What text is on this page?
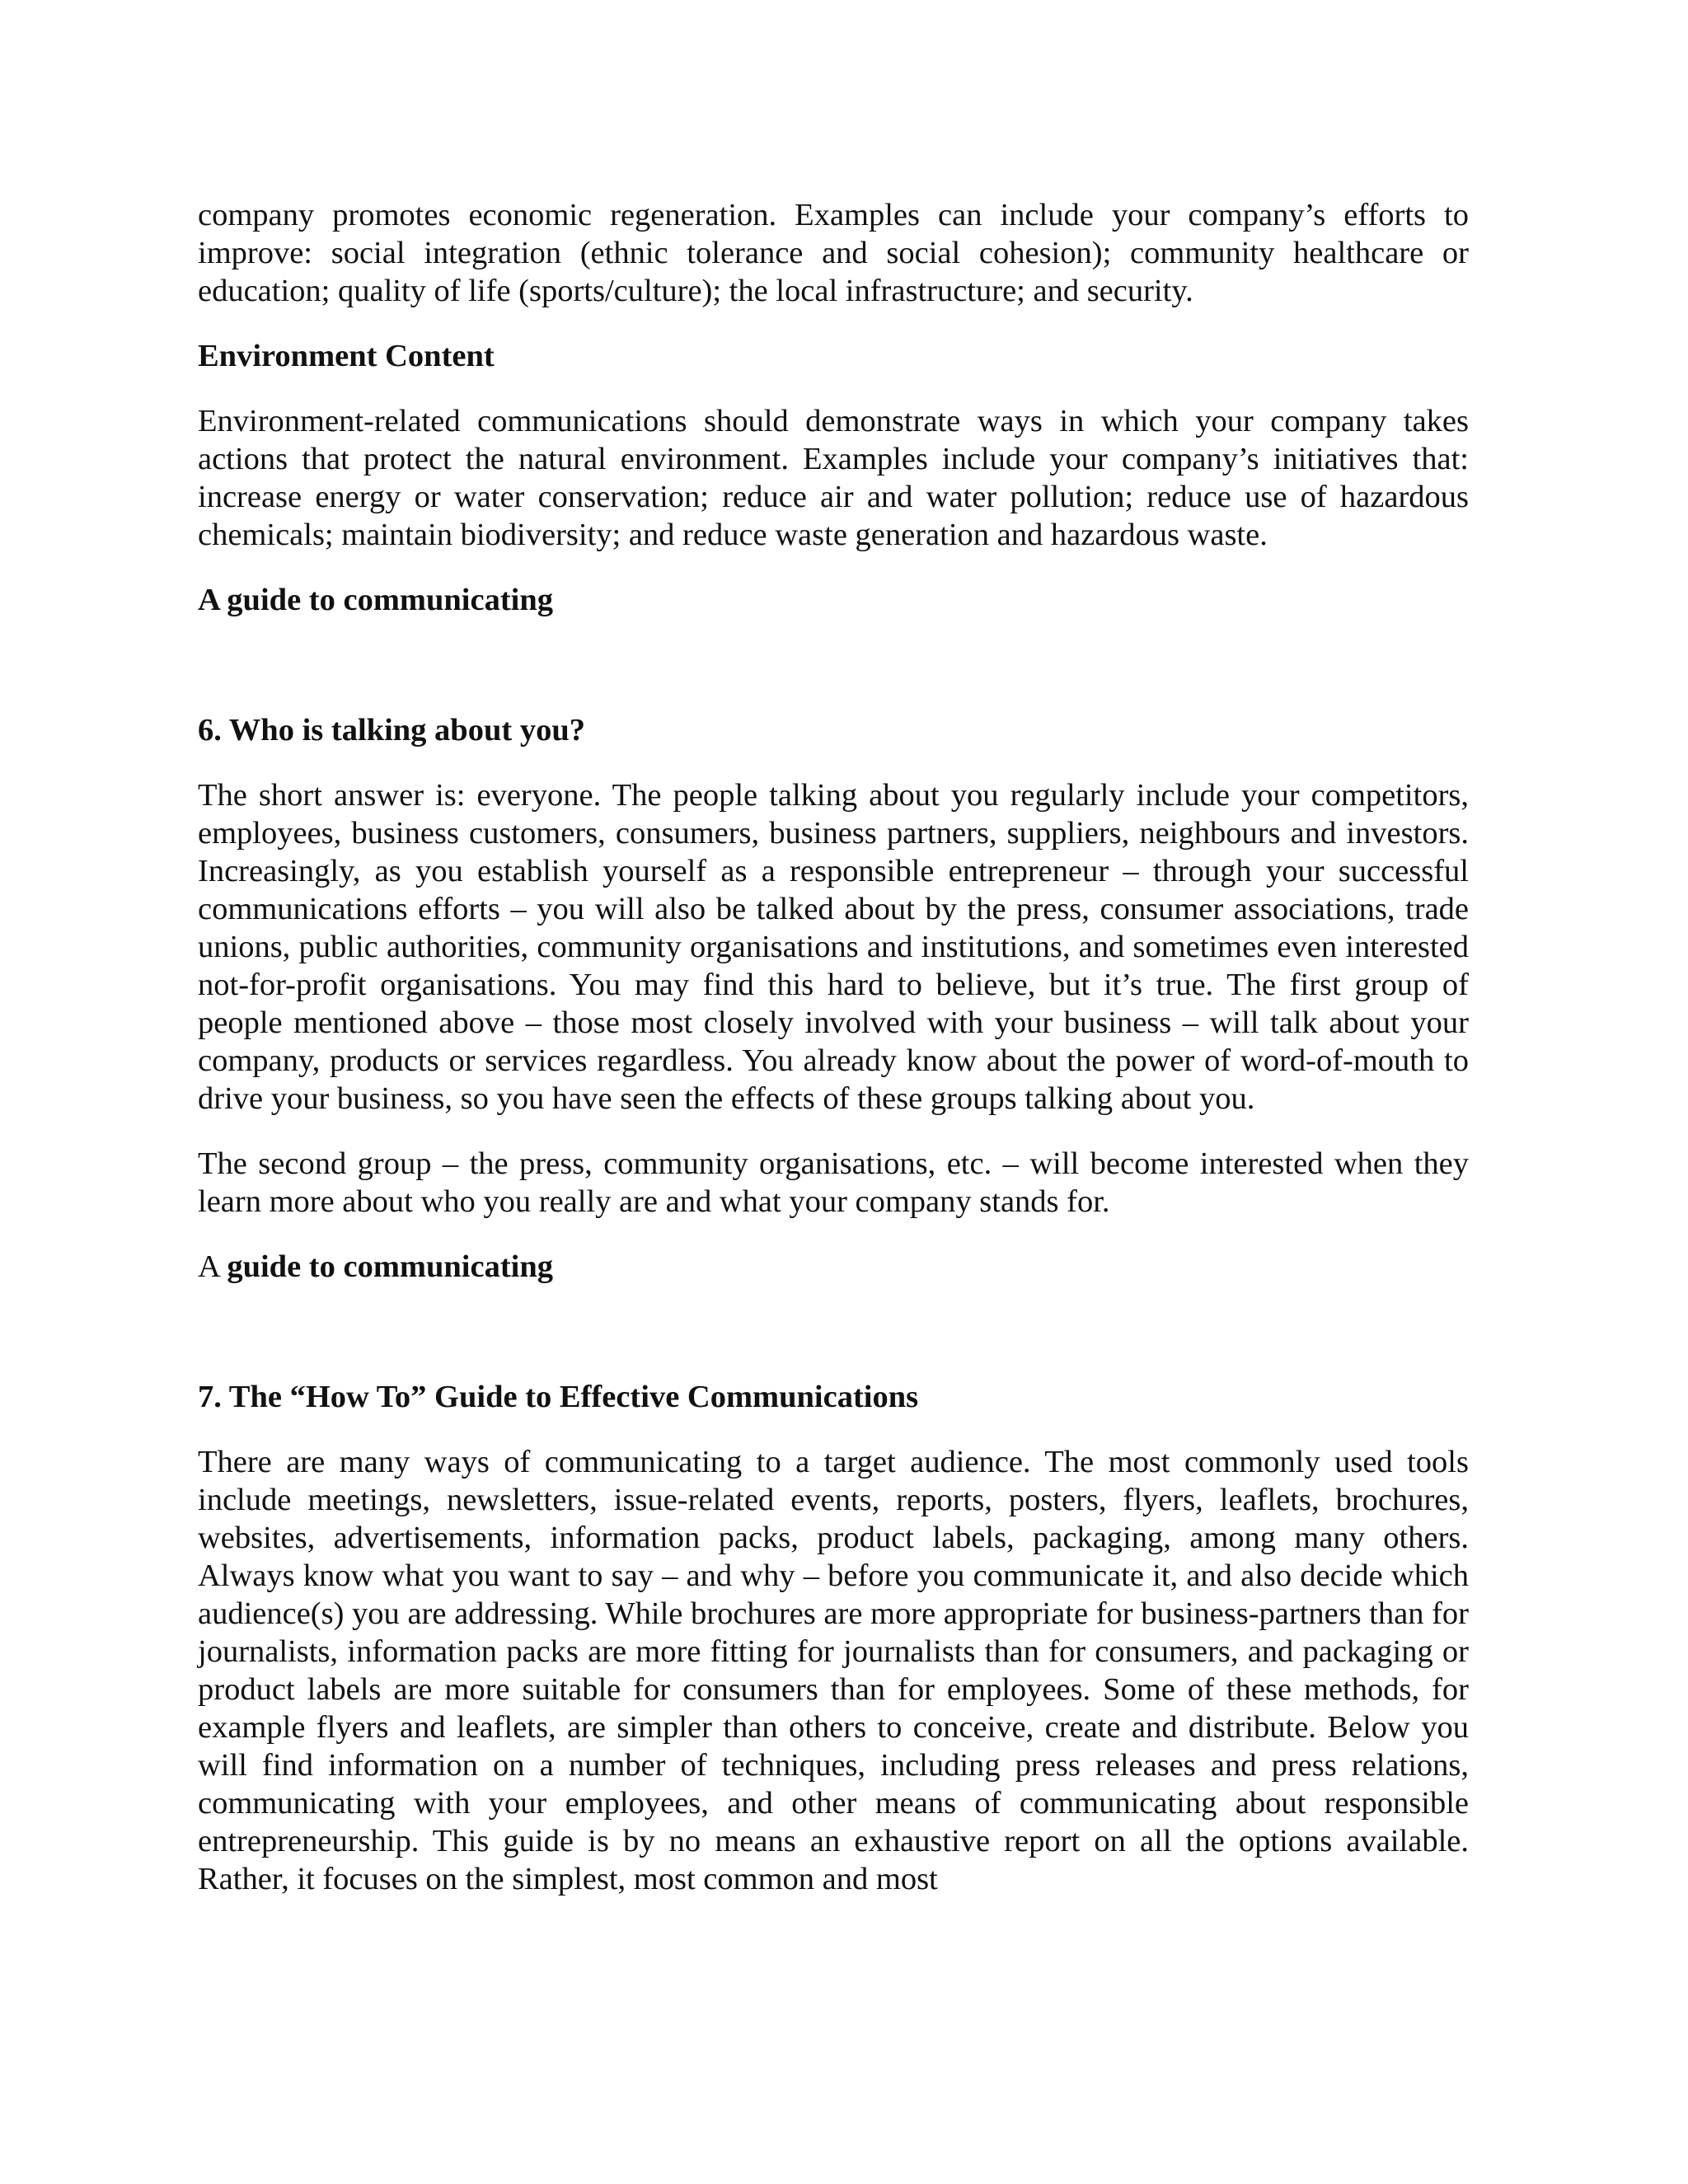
company promotes economic regeneration. Examples can include your company’s efforts to improve: social integration (ethnic tolerance and social cohesion); community healthcare or education; quality of life (sports/culture); the local infrastructure; and security.

Environment Content

Environment-related communications should demonstrate ways in which your company takes actions that protect the natural environment. Examples include your company’s initiatives that: increase energy or water conservation; reduce air and water pollution; reduce use of hazardous chemicals; maintain biodiversity; and reduce waste generation and hazardous waste.

A guide to communicating

6. Who is talking about you?

The short answer is: everyone. The people talking about you regularly include your competitors, employees, business customers, consumers, business partners, suppliers, neighbours and investors. Increasingly, as you establish yourself as a responsible entrepreneur – through your successful communications efforts – you will also be talked about by the press, consumer associations, trade unions, public authorities, community organisations and institutions, and sometimes even interested not-for-profit organisations. You may find this hard to believe, but it’s true. The first group of people mentioned above – those most closely involved with your business – will talk about your company, products or services regardless. You already know about the power of word-of-mouth to drive your business, so you have seen the effects of these groups talking about you.

The second group – the press, community organisations, etc. – will become interested when they learn more about who you really are and what your company stands for.

A guide to communicating

7. The “How To” Guide to Effective Communications

There are many ways of communicating to a target audience. The most commonly used tools include meetings, newsletters, issue-related events, reports, posters, flyers, leaflets, brochures, websites, advertisements, information packs, product labels, packaging, among many others. Always know what you want to say – and why – before you communicate it, and also decide which audience(s) you are addressing. While brochures are more appropriate for business-partners than for journalists, information packs are more fitting for journalists than for consumers, and packaging or product labels are more suitable for consumers than for employees. Some of these methods, for example flyers and leaflets, are simpler than others to conceive, create and distribute. Below you will find information on a number of techniques, including press releases and press relations, communicating with your employees, and other means of communicating about responsible entrepreneurship. This guide is by no means an exhaustive report on all the options available. Rather, it focuses on the simplest, most common and most
